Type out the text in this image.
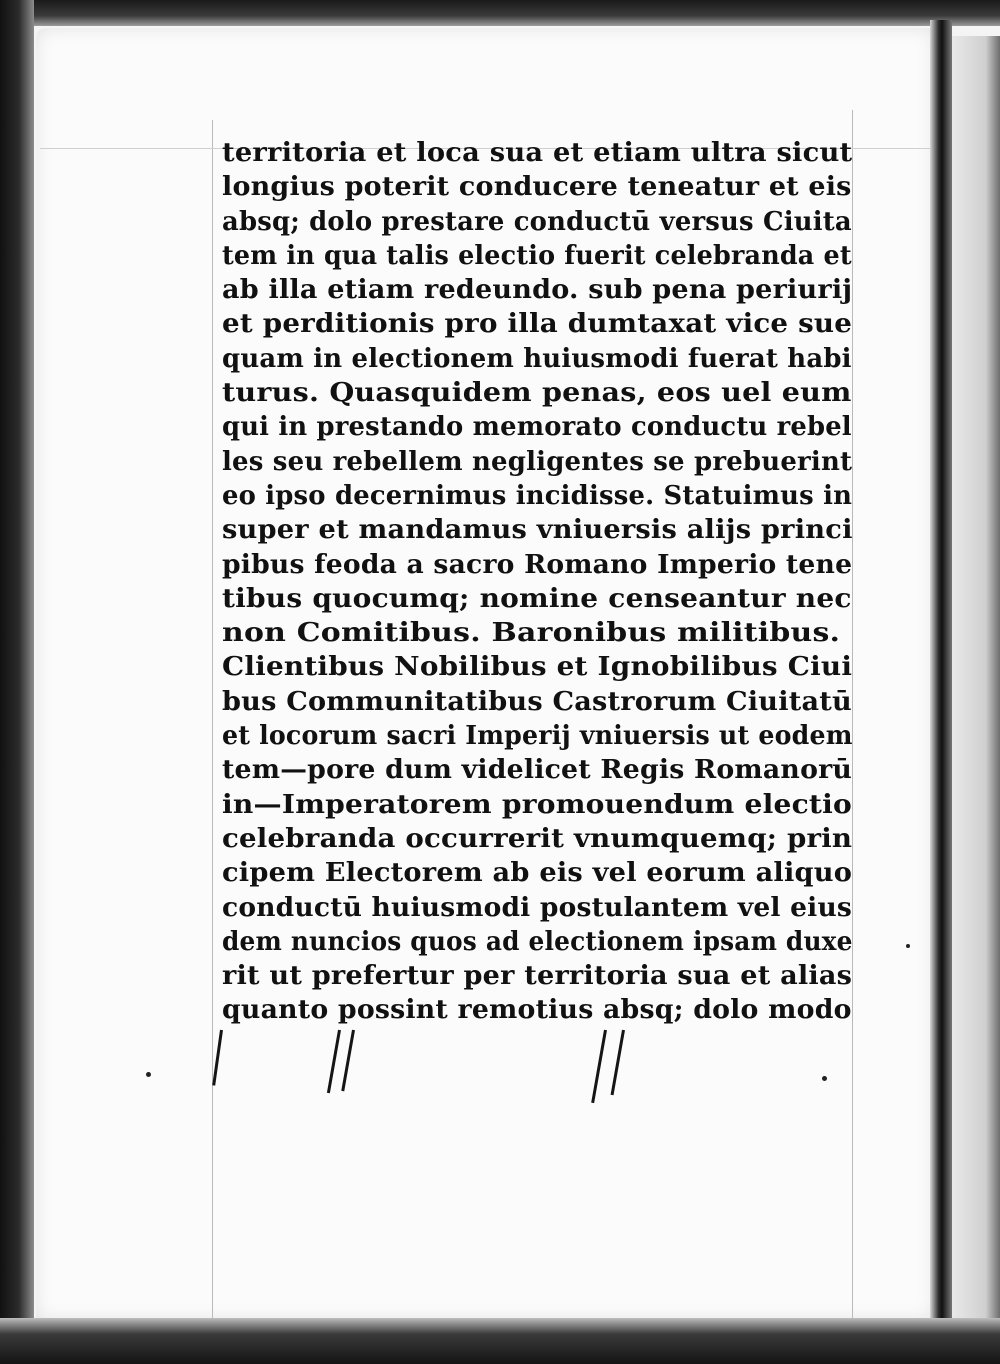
territoria et loca sua et etiam ultra sicut
longius poterit conducere teneatur et eis
absq; dolo prestare conductū versus Ciuita
tem in qua talis electio fuerit celebranda et
ab illa etiam redeundo. sub pena periurij
et perditionis pro illa dumtaxat vice sue
quam in electionem huiusmodi fuerat habi
turus. Quasquidem penas, eos uel eum
qui in prestando memorato conductu rebel
les seu rebellem negligentes se prebuerint
eo ipso decernimus incidisse. Statuimus in
super et mandamus vniuersis alijs princi
pibus feoda a sacro Romano Imperio tene
tibus quocumq; nomine censeantur nec
non Comitibus. Baronibus militibus.
Clientibus Nobilibus et Ignobilibus Ciui
bus Communitatibus Castrorum Ciuitatū
et locorum sacri Imperij vniuersis ut eodem
tem—pore dum videlicet Regis Romanorū
in—Imperatorem promouendum electio
celebranda occurrerit vnumquemq; prin
cipem Electorem ab eis vel eorum aliquo
conductū huiusmodi postulantem vel eius
dem nuncios quos ad electionem ipsam duxe
rit ut prefertur per territoria sua et alias
quanto possint remotius absq; dolo modo
